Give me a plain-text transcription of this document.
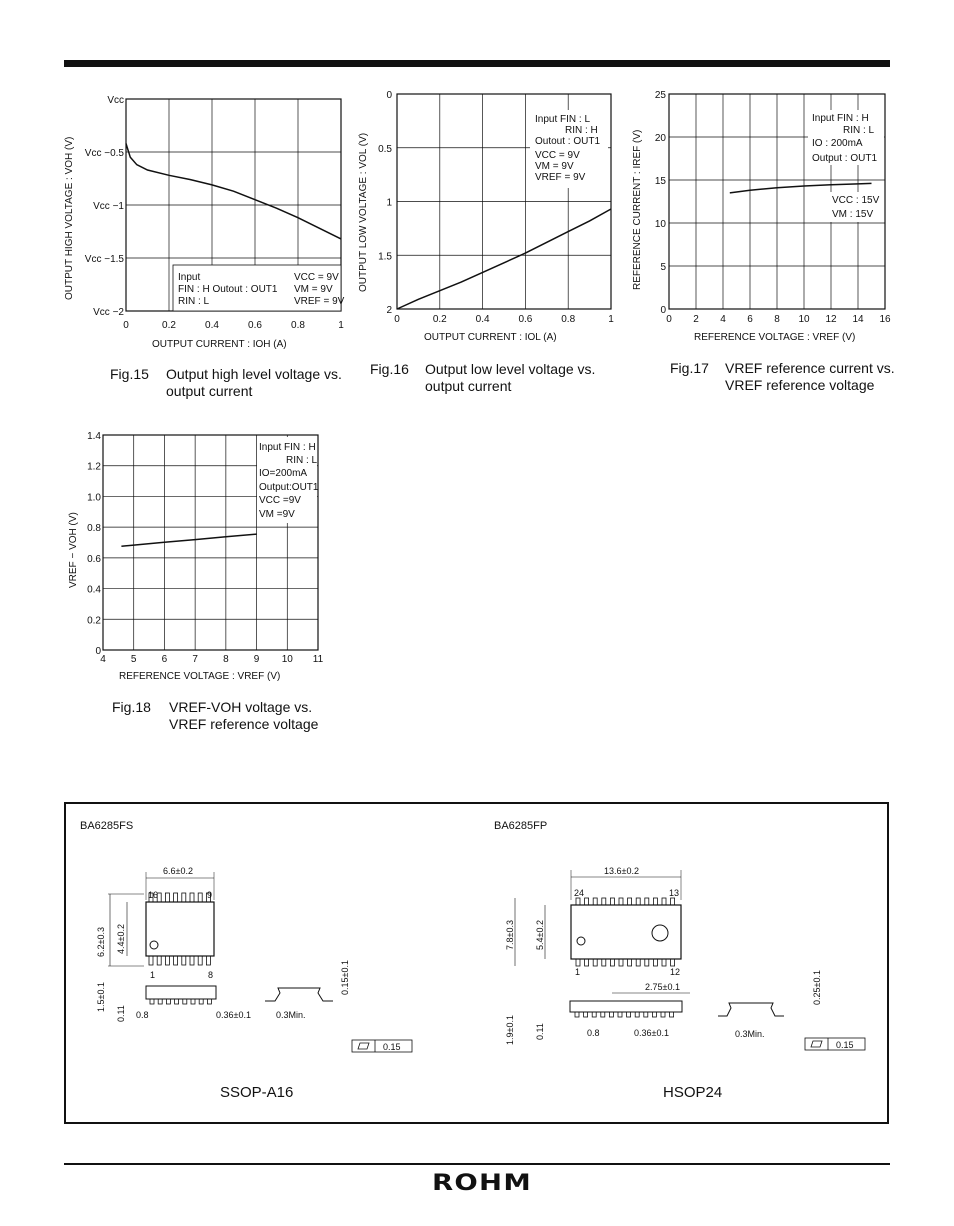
0	0.2	0.4	0.6	0.8	1
Vcc
Vcc −0.5
Vcc −1
Vcc −1.5
Vcc −2
Input
FIN : H Outout : OUT1
RIN : L
VCC = 9V
VM = 9V
VREF = 9V
OUTPUT CURRENT : IOH (A)
OUTPUT HIGH VOLTAGE : VOH (V)
Fig.15 Output high level voltage vs.
output current
0	0.2	0.4	0.6	0.8	1
0
0.5
1
1.5
2
Input FIN : L
RIN : H
Outout : OUT1
VCC = 9V
VM = 9V
VREF = 9V
OUTPUT CURRENT : IOL (A)
OUTPUT LOW VOLTAGE : VOL (V)
Fig.16 Output low level voltage vs.
output current
0 2 4 6 8 10 12 14 16
25
20
15
10
5
0
Input FIN : H
RIN : L
IO : 200mA
Output : OUT1
VCC : 15V
VM : 15V
REFERENCE VOLTAGE : VREF (V)
REFERENCE CURRENT : IREF (V)
Fig.17 VREF reference current vs.
VREF reference voltage
4	5	6	7	8	9 10 11
1.4
1.2
1.0
0.8
0.6
0.4
0.2
0
Input FIN : H
RIN : L
IO=200mA
Output:OUT1
VCC =9V
VM =9V
REFERENCE VOLTAGE : VREF (V)
VREF − VOH (V)
Fig.18 VREF-VOH voltage vs.
VREF reference voltage
BA6285FS	BA6285FP
SSOP-A16	HSOP24
16	9
1	8
6.6±0.2
6.2±0.3 4.4±0.2
1.5±0.1
0.11 0.8	0.36±0.1	0.3Min.
0.15±0.1
0.15
24	13
1	12
13.6±0.2
7.8±0.3 5.4±0.2
2.75±0.1
1.9±0.1 0.11	0.8	0.36±0.1	0.3Min.
0.25±0.1
0.15
ROHM
